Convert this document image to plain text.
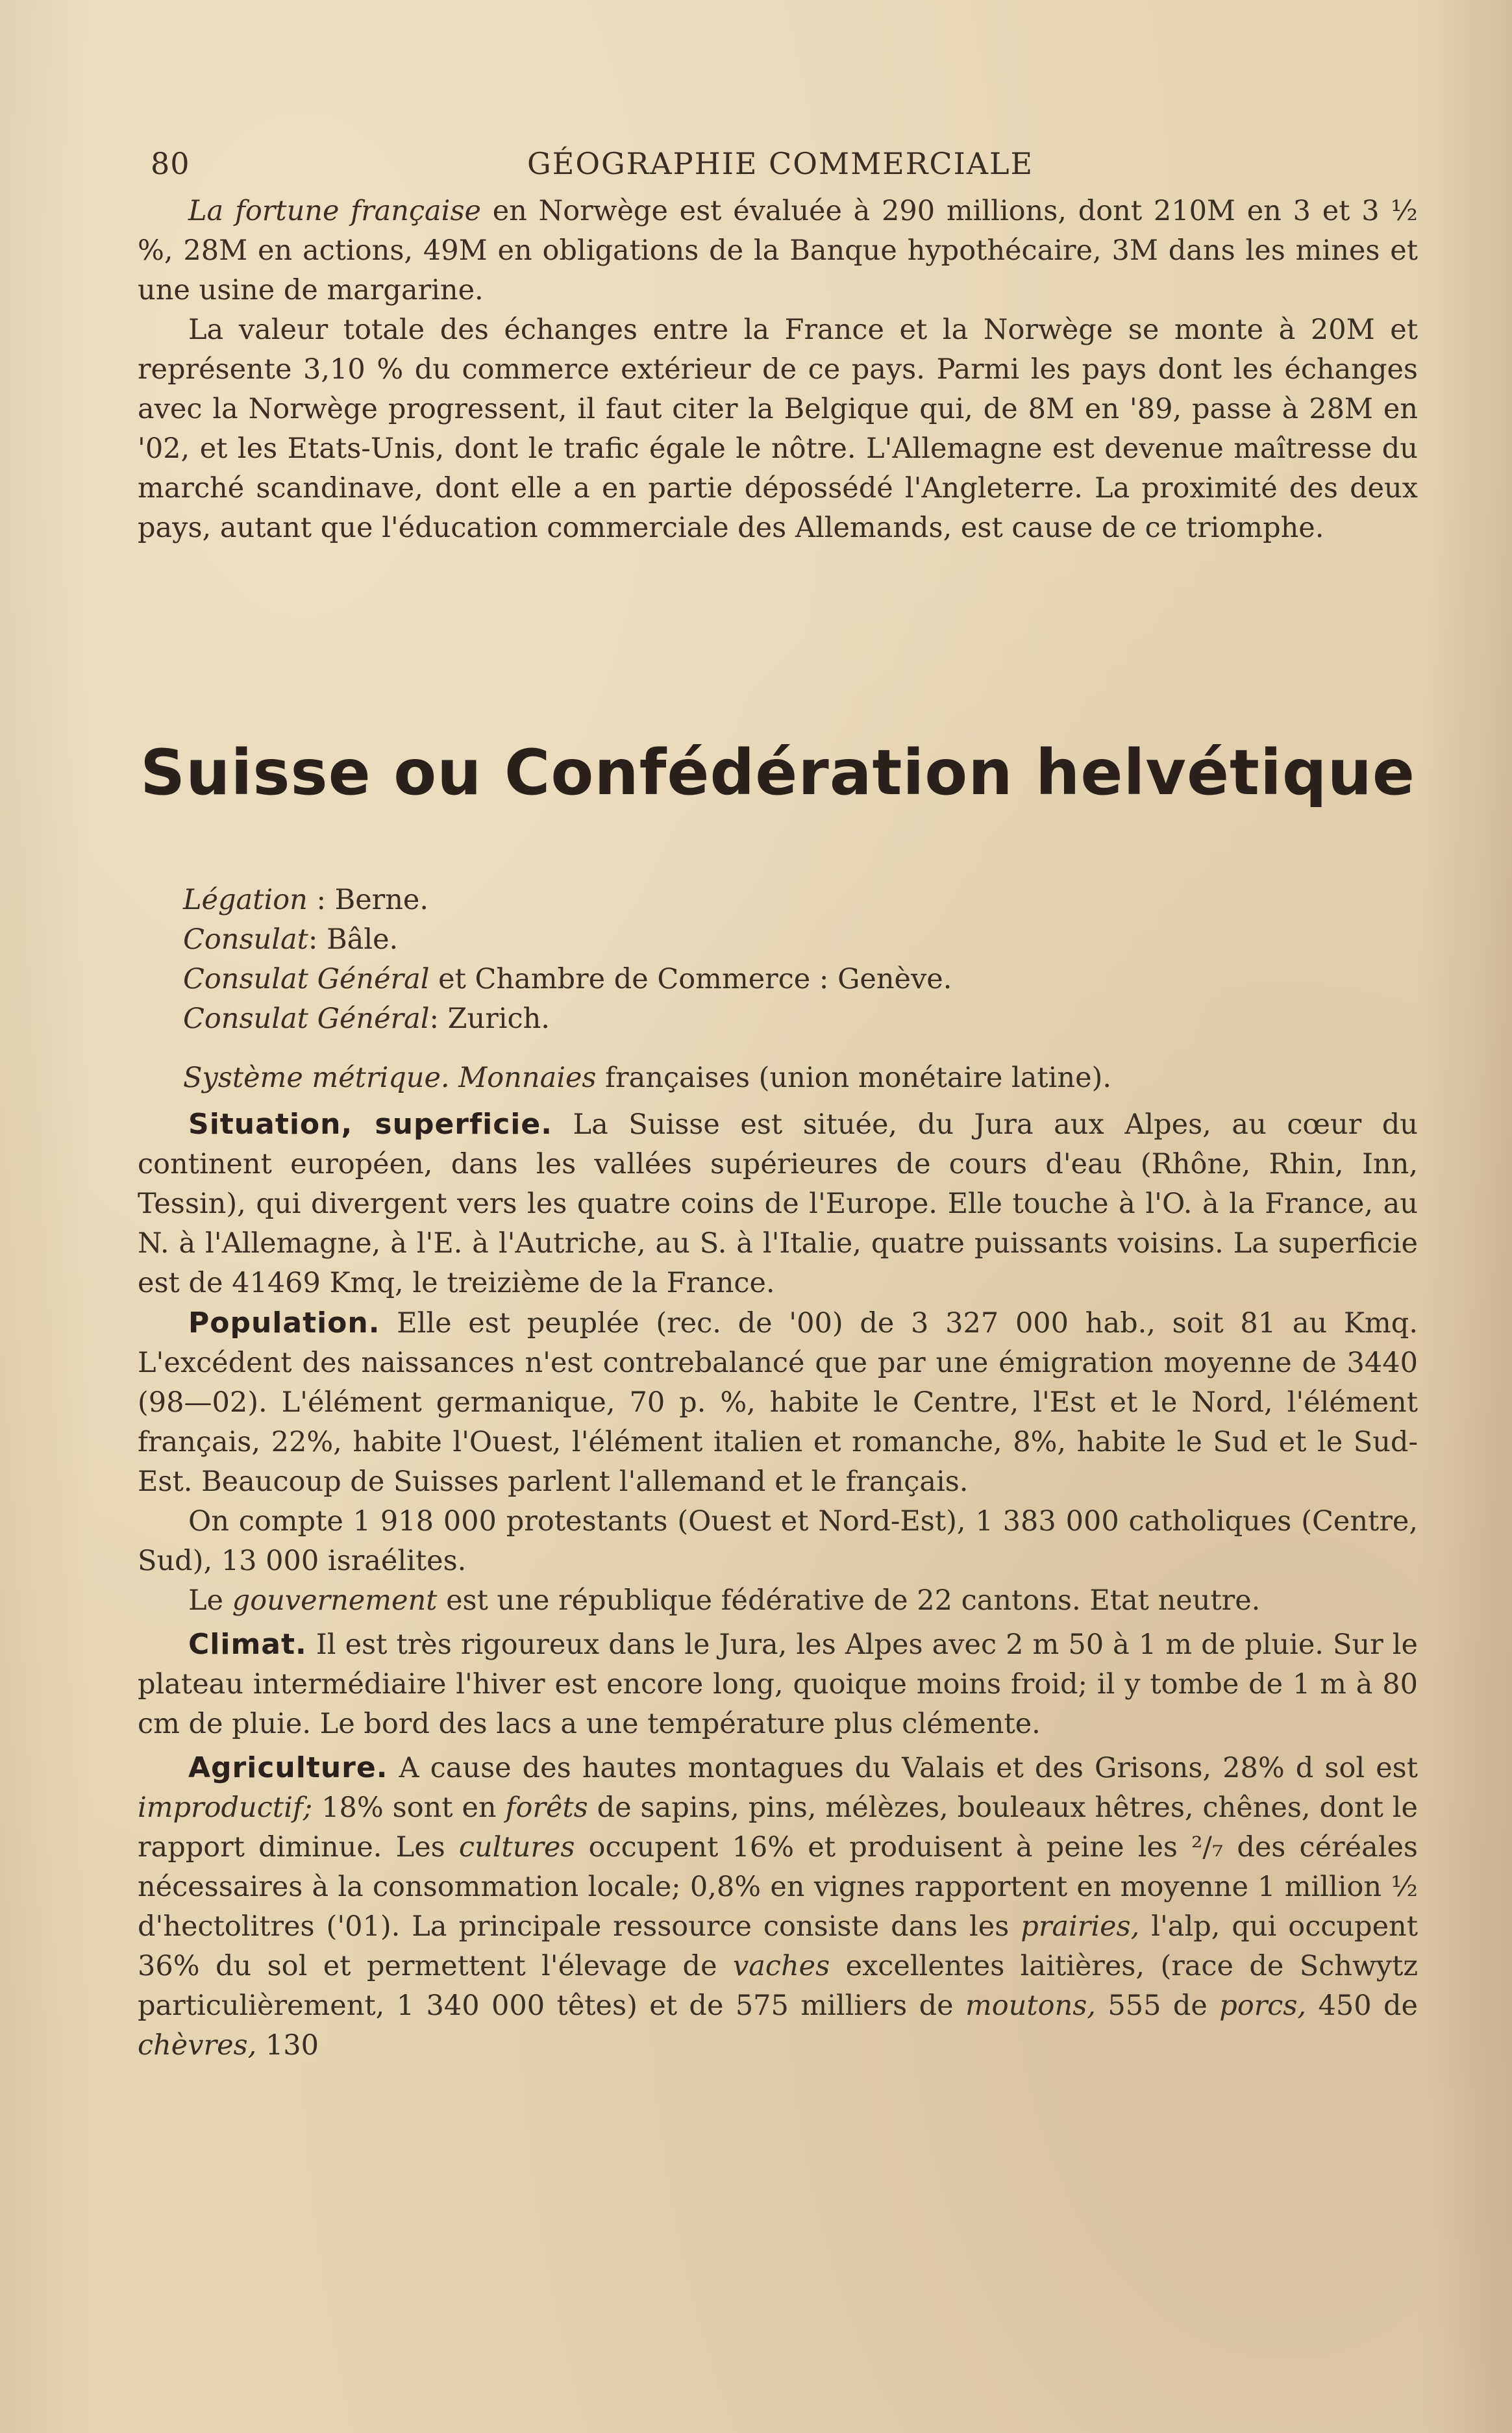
80	GÉOGRAPHIE COMMERCIALE

La fortune française en Norwège est évaluée à 290 millions, dont 210M en 3 et 3 ½ %, 28M en actions, 49M en obligations de la Banque hypothécaire, 3M dans les mines et une usine de margarine.

La valeur totale des échanges entre la France et la Norwège se monte à 20M et représente 3,10 % du commerce extérieur de ce pays. Parmi les pays dont les échanges avec la Norwège progressent, il faut citer la Belgique qui, de 8M en '89, passe à 28M en '02, et les Etats-Unis, dont le trafic égale le nôtre. L'Allemagne est devenue maîtresse du marché scandinave, dont elle a en partie dépossédé l'Angleterre. La proximité des deux pays, autant que l'éducation commerciale des Allemands, est cause de ce triomphe.

Suisse ou Confédération helvétique

Légation : Berne.

Consulat: Bâle.

Consulat Général et Chambre de Commerce : Genève.

Consulat Général: Zurich.

Système métrique. Monnaies françaises (union monétaire latine).

Situation, superficie. La Suisse est située, du Jura aux Alpes, au cœur du continent européen, dans les vallées supérieures de cours d'eau (Rhône, Rhin, Inn, Tessin), qui divergent vers les quatre coins de l'Europe. Elle touche à l'O. à la France, au N. à l'Allemagne, à l'E. à l'Autriche, au S. à l'Italie, quatre puissants voisins. La superficie est de 41469 Kmq, le treizième de la France.

Population. Elle est peuplée (rec. de '00) de 3 327 000 hab., soit 81 au Kmq. L'excédent des naissances n'est contrebalancé que par une émigration moyenne de 3440 (98—02). L'élément germanique, 70 p. %, habite le Centre, l'Est et le Nord, l'élément français, 22%, habite l'Ouest, l'élément italien et romanche, 8%, habite le Sud et le Sud-Est. Beaucoup de Suisses parlent l'allemand et le français.

On compte 1 918 000 protestants (Ouest et Nord-Est), 1 383 000 catholiques (Centre, Sud), 13 000 israélites.

Le gouvernement est une république fédérative de 22 cantons. Etat neutre.

Climat. Il est très rigoureux dans le Jura, les Alpes avec 2 m 50 à 1 m de pluie. Sur le plateau intermédiaire l'hiver est encore long, quoique moins froid; il y tombe de 1 m à 80 cm de pluie. Le bord des lacs a une température plus clémente.

Agriculture. A cause des hautes montagues du Valais et des Grisons, 28% d sol est improductif; 18% sont en forêts de sapins, pins, mélèzes, bouleaux hêtres, chênes, dont le rapport diminue. Les cultures occupent 16% et produisent à peine les ²/₇ des céréales nécessaires à la consommation locale; 0,8% en vignes rapportent en moyenne 1 million ½ d'hectolitres ('01). La principale ressource consiste dans les prairies, l'alp, qui occupent 36% du sol et permettent l'élevage de vaches excellentes laitières, (race de Schwytz particulièrement, 1 340 000 têtes) et de 575 milliers de moutons, 555 de porcs, 450 de chèvres, 130
